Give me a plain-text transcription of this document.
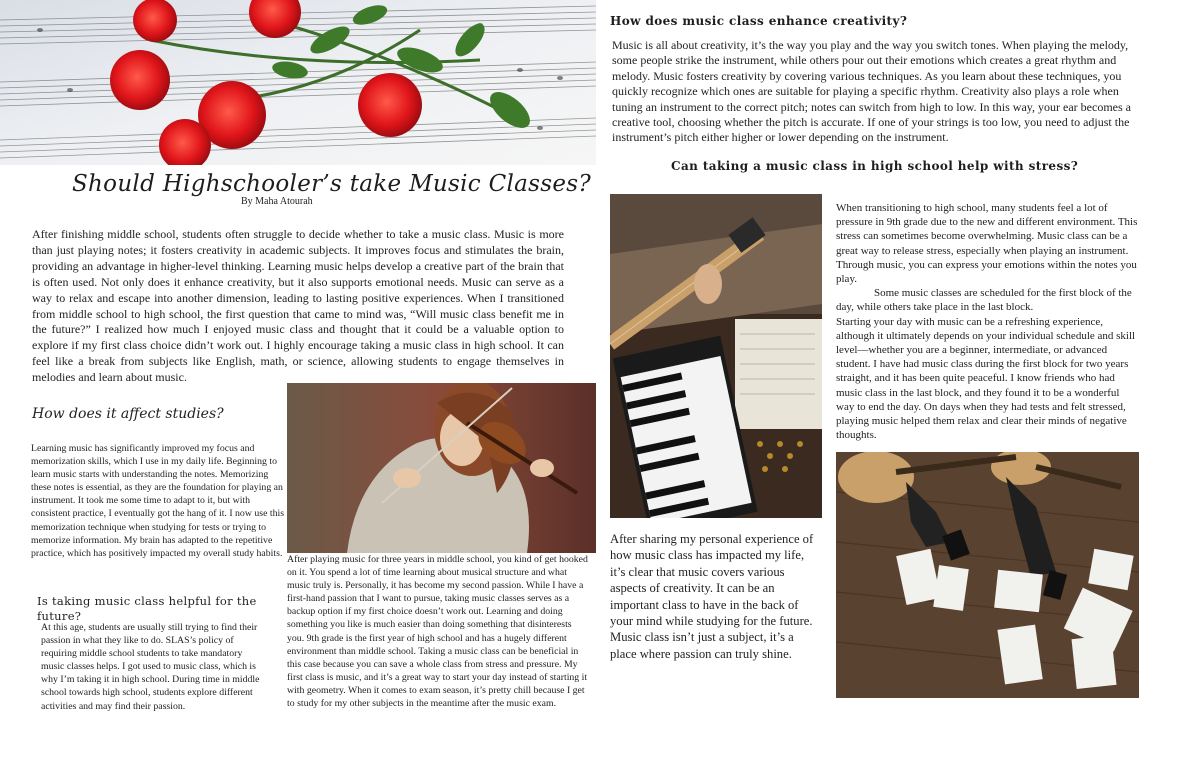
Should Highschooler’s take Music Classes?
By Maha Atourah

After finishing middle school, students often struggle to decide whether to take a music class. Music is more than just playing notes; it fosters creativity in academic subjects. It improves focus and stimulates the brain, providing an advantage in higher-level thinking. Learning music helps develop a creative part of the brain that is often used. Not only does it enhance creativity, but it also supports emotional needs. Music can serve as a way to relax and escape into another dimension, leading to lasting positive experiences. When I transitioned from middle school to high school, the first question that came to mind was, “Will music class benefit me in the future?” I realized how much I enjoyed music class and thought that it could be a valuable option to explore if my first class choice didn’t work out. I highly encourage taking a music class in high school. It can feel like a break from subjects like English, math, or science, allowing students to engage themselves in melodies and learn about music.

How does it affect studies?

Learning music has significantly improved my focus and memorization skills, which I use in my daily life. Beginning to learn music starts with understanding the notes. Memorizing these notes is essential, as they are the foundation for playing an instrument. It took me some time to adapt to it, but with consistent practice, I eventually got the hang of it. I now use this memorization technique when studying for tests or trying to memorize information. My brain has adapted to the repetitive practice, which has positively impacted my overall study habits.

Is taking music class helpful for the future?

At this age, students are usually still trying to find their passion in what they like to do. SLAS’s policy of requiring middle school students to take mandatory music classes helps. I got used to music class, which is why I’m taking it in high school. During time in middle school towards high school, students explore different activities and may find their passion.

After playing music for three years in middle school, you kind of get hooked on it. You spend a lot of time learning about musical structure and what music truly is. Personally, it has become my second passion. While I have a first-hand passion that I want to pursue, taking music classes serves as a backup option if my first choice doesn’t work out. Learning and doing something you like is much easier than doing something that disinterests you. 9th grade is the first year of high school and has a hugely different environment than middle school. Taking a music class can be beneficial in this case because you can save a whole class from stress and pressure. My first class is music, and it’s a great way to start your day instead of starting it with geometry. When it comes to exam season, it’s pretty chill because I get to study for my other subjects in the meantime after the music exam.

How does music class enhance creativity?

Music is all about creativity, it’s the way you play and the way you switch tones. When playing the melody, some people strike the instrument, while others pour out their emotions which creates a great rhythm and melody. Music fosters creativity by covering various techniques. As you learn about these techniques, you quickly recognize which ones are suitable for playing a specific rhythm. Creativity also plays a role when tuning an instrument to the correct pitch; notes can switch from high to low. In this way, your ear becomes a creative tool, choosing whether the pitch is accurate. If one of your strings is too low, you need to adjust the instrument’s pitch either higher or lower depending on the instrument.

Can taking a music class in high school help with stress?

When transitioning to high school, many students feel a lot of pressure in 9th grade due to the new and different environment. This stress can sometimes become overwhelming. Music class can be a great way to release stress, especially when playing an instrument. Through music, you can express your emotions within the notes you play.

Some music classes are scheduled for the first block of the day, while others take place in the last block.

Starting your day with music can be a refreshing experience, although it ultimately depends on your individual schedule and skill level—whether you are a beginner, intermediate, or advanced student. I have had music class during the first block for two years straight, and it has been quite peaceful. I know friends who had music class in the last block, and they found it to be a wonderful way to end the day. On days when they had tests and felt stressed, playing music helped them relax and clear their minds of negative thoughts.

After sharing my personal experience of how music class has impacted my life, it’s clear that music covers various aspects of creativity. It can be an important class to have in the back of your mind while studying for the future. Music class isn’t just a subject, it’s a place where passion can truly shine.
